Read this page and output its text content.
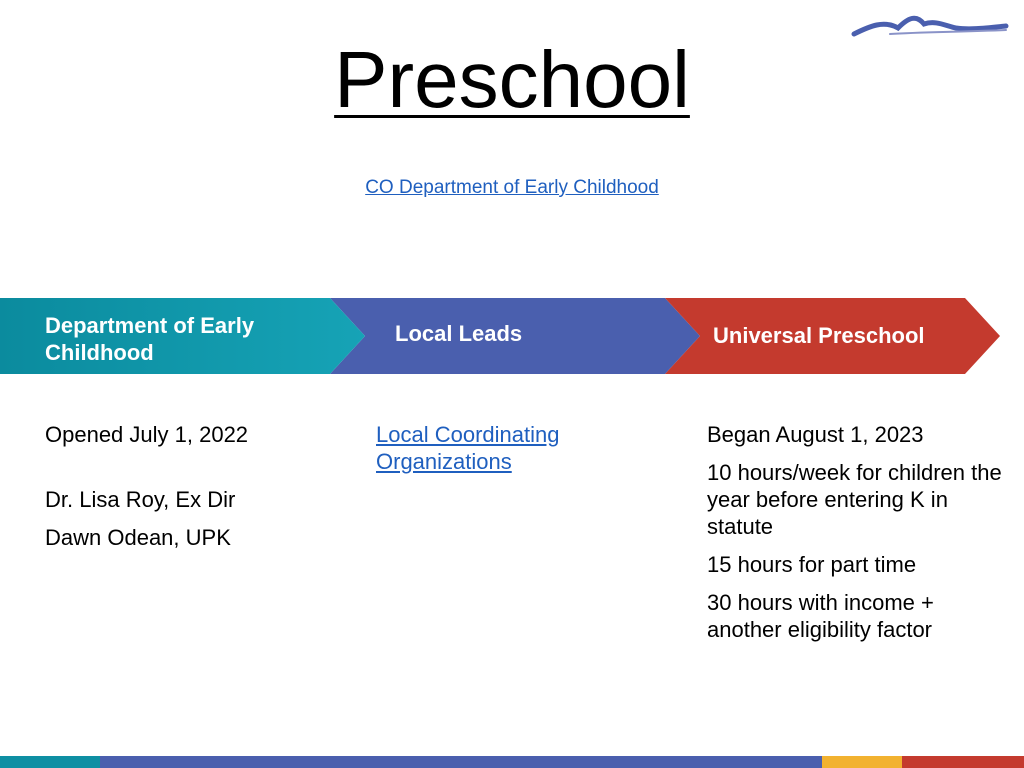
Preschool
CO Department of Early Childhood
Department of Early Childhood
Local Leads	Universal Preschool

Opened July 1, 2022

Dr. Lisa Roy, Ex Dir

Dawn Odean, UPK

Local Coordinating Organizations

Began August 1, 2023

10 hours/week for children the year before entering K in statute

15 hours for part time

30 hours with income + another eligibility factor
